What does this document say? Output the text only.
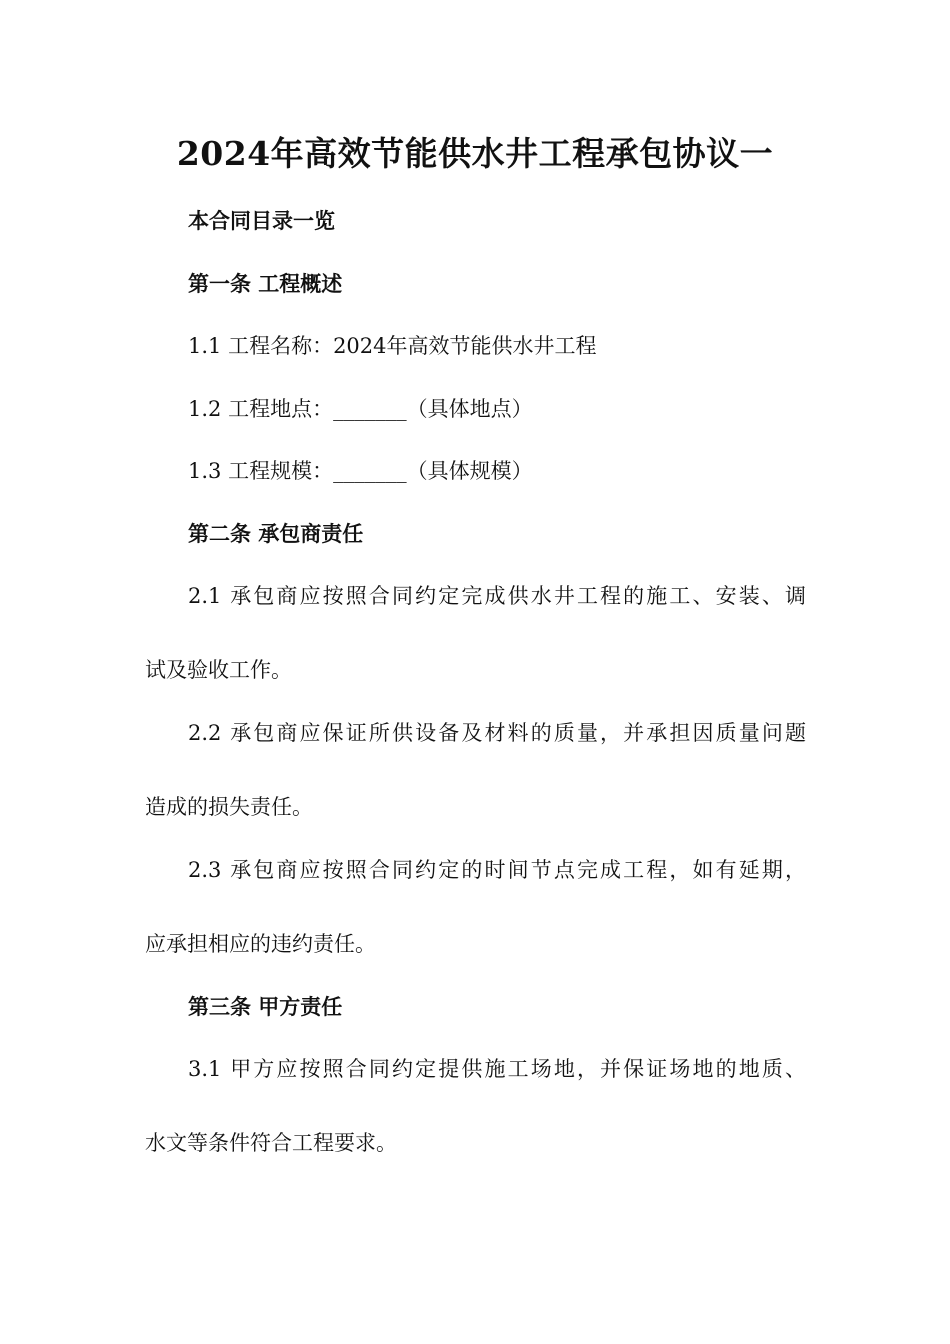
2024年高效节能供水井工程承包协议一
本合同目录一览
第一条 工程概述
1.1 工程名称：2024年高效节能供水井工程
1.2 工程地点：_______（具体地点）
1.3 工程规模：_______（具体规模）
第二条 承包商责任
2.1 承包商应按照合同约定完成供水井工程的施工、安装、调
试及验收工作。
2.2 承包商应保证所供设备及材料的质量，并承担因质量问题
造成的损失责任。
2.3 承包商应按照合同约定的时间节点完成工程，如有延期，
应承担相应的违约责任。
第三条 甲方责任
3.1 甲方应按照合同约定提供施工场地，并保证场地的地质、
水文等条件符合工程要求。
